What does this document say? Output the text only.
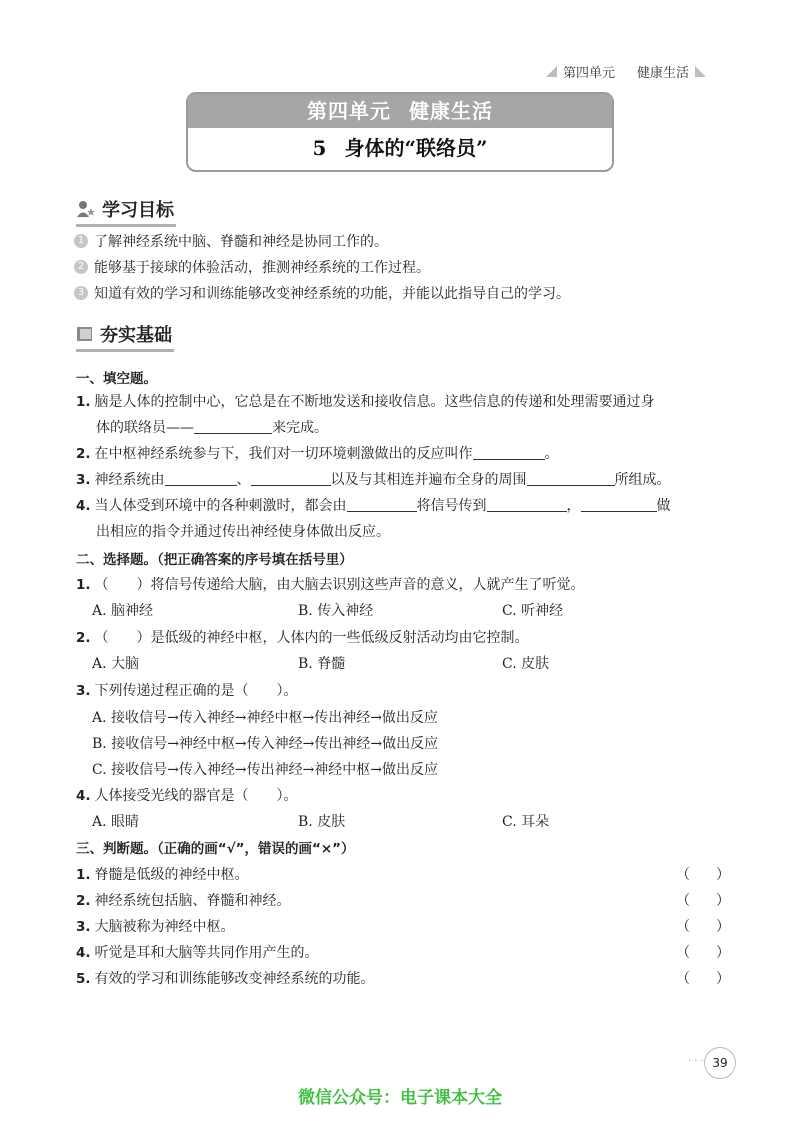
第四单元 健康生活
第四单元 健康生活
5 身体的“联络员”
学习目标
1 了解神经系统中脑、脊髓和神经是协同工作的。
2 能够基于接球的体验活动，推测神经系统的工作过程。
3 知道有效的学习和训练能够改变神经系统的功能，并能以此指导自己的学习。
夯实基础
一、填空题。
1. 脑是人体的控制中心，它总是在不断地发送和接收信息。这些信息的传递和处理需要通过身
体的联络员——	来完成。
2. 在中枢神经系统参与下，我们对一切环境刺激做出的反应叫作	。
3. 神经系统由	、	以及与其相连并遍布全身的周围	所组成。
4. 当人体受到环境中的各种刺激时，都会由	将信号传到	，	做
出相应的指令并通过传出神经使身体做出反应。
二、选择题。（把正确答案的序号填在括号里）
1. （　　）将信号传递给大脑，由大脑去识别这些声音的意义，人就产生了听觉。
A. 脑神经	B. 传入神经	C. 听神经
2. （　　）是低级的神经中枢，人体内的一些低级反射活动均由它控制。
A. 大脑	B. 脊髓	C. 皮肤
3. 下列传递过程正确的是（　　）。
A. 接收信号→传入神经→神经中枢→传出神经→做出反应
B. 接收信号→神经中枢→传入神经→传出神经→做出反应
C. 接收信号→传入神经→传出神经→神经中枢→做出反应
4. 人体接受光线的器官是（　　）。
A. 眼睛	B. 皮肤	C. 耳朵
三、判断题。（正确的画“√”，错误的画“×”）
1. 脊髓是低级的神经中枢。	（ ）
2. 神经系统包括脑、脊髓和神经。	（ ）
3. 大脑被称为神经中枢。	（ ）
4. 听觉是耳和大脑等共同作用产生的。	（ ）
5. 有效的学习和训练能够改变神经系统的功能。	（ ）
· · · 39
微信公众号：电子课本大全
